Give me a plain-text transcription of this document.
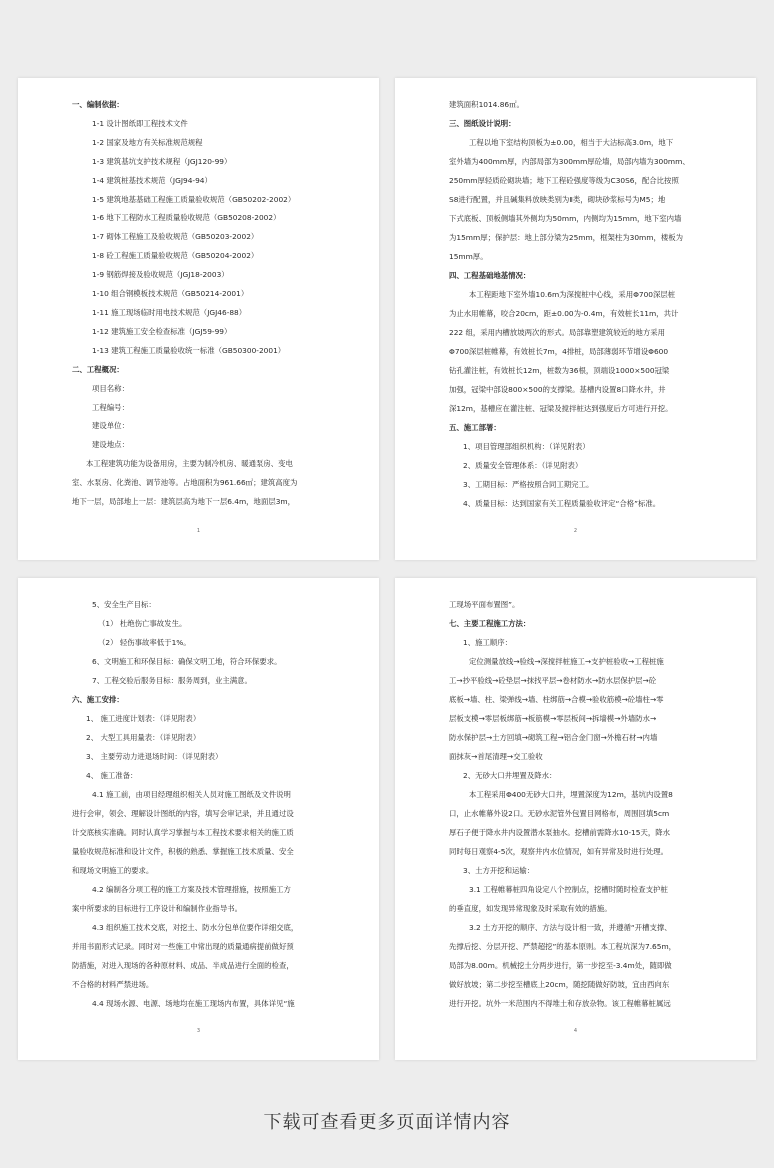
一、编制依据：
1-1 设计图纸即工程技术文件
1-2 国家及地方有关标准规范规程
1-3 建筑基坑支护技术规程（JGJ120-99）
1-4 建筑桩基技术规范（JGJ94-94）
1-5 建筑地基基础工程施工质量验收规范（GB50202-2002）
1-6 地下工程防水工程质量验收规范（GB50208-2002）
1-7 砌体工程施工及验收规范（GB50203-2002）
1-8 砼工程施工质量验收规范（GB50204-2002）
1-9 钢筋焊接及验收规范（JGJ18-2003）
1-10 组合钢模板技术规范（GB50214-2001）
1-11 施工现场临时用电技术规范（JGJ46-88）
1-12 建筑施工安全检查标准（JGJ59-99）
1-13 建筑工程施工质量验收统一标准（GB50300-2001）
二、工程概况：
项目名称：
工程编号：
建设单位：
建设地点：
本工程建筑功能为设备用房，主要为制冷机房、暖通泵房、变电
室、水泵房、化粪池、调节池等。占地面积为961.66㎡；建筑高度为
地下一层，局部地上一层：建筑层高为地下一层6.4m，地面层3m，
1
建筑面积1014.86㎡。
三、图纸设计说明：
工程以地下室结构顶板为±0.00，相当于大沽标高3.0m，地下
室外墙为400mm厚，内部局部为300mm厚砼墙，局部内墙为300mm、
250mm厚轻质砼砌块墙；地下工程砼强度等级为C30S6，配合比按照
S8进行配置，并且碱集料放映类别为Ⅱ类，砌块砂浆标号为M5；地
下式底板、顶板侧墙其外侧均为50mm，内侧均为15mm，地下室内墙
为15mm厚；保护层：地上部分梁为25mm，框架柱为30mm，楼板为
15mm厚。
四、工程基础地基情况：
本工程距地下室外墙10.6m为深搅桩中心线，采用Φ700深层桩
为止水用帷幕，咬合20cm，距±0.00为-0.4m，有效桩长11m，共计
222 组，采用内槽放坡两次的形式。局部靠塑建筑较近的地方采用
Φ700深层桩帷幕，有效桩长7m，4排桩，局部薄弱环节增设Φ600
钻孔灌注桩，有效桩长12m，桩数为36根，顶端设1000×500冠梁
加强，冠梁中部设800×500的支撑梁。基槽内设置8口降水井，井
深12m，基槽应在灌注桩、冠梁及搅拌桩达到强度后方可进行开挖。
五、施工部署：
1、项目管理部组织机构：（详见附表）
2、质量安全管理体系：（详见附表）
3、工期目标：严格按照合同工期完工。
4、质量目标：达到国家有关工程质量验收评定“合格”标准。
2
5、安全生产目标：
（1） 杜绝伤亡事故发生。
（2） 轻伤事故率低于1%。
6、文明施工和环保目标：确保文明工地，符合环保要求。
7、工程交验后服务目标：服务周到，业主满意。
六、施工安排：
1、 施工进度计划表：（详见附表）
2、 大型工具用量表：（详见附表）
3、 主要劳动力进退场时间：（详见附表）
4、 施工准备：
4.1 施工前，由项目经理组织相关人员对施工图纸及文件说明
进行会审，领会、理解设计图纸的内容，填写会审记录，并且通过设
计交底核实准确。同时认真学习掌握与本工程技术要求相关的施工质
量验收规范标准和设计文件，积极的熟悉、掌握施工技术质量、安全
和现场文明施工的要求。
4.2 编制各分项工程的施工方案及技术管理措施，按照施工方
案中所要求的目标进行工序设计和编制作业指导书。
4.3 组织施工技术交底，对挖土、防水分包单位要作详细交底，
并用书面形式记录。同时对一些施工中常出现的质量通病提前做好预
防措施，对进入现场的各种原材料、成品、半成品进行全面的检查，
不合格的材料严禁进场。
4.4 现场水源、电源、场地均在施工现场内布置，具体详见“施
3
工现场平面布置图”。
七、主要工程施工方法：
1、施工顺序：
定位测量放线→验线→深搅拌桩施工→支护桩验收→工程桩施
工→抄平验线→砼垫层→抹找平层→卷材防水→防水层保护层→砼
底板→墙、柱、梁弹线→墙、柱绑筋→合模→验收筋模→砼墙柱→零
层板支模→零层板绑筋→板筋模→零层板间→拆墙模→外墙防水→
防水保护层→土方回填→砌筑工程→铝合金门窗→外檐石材→内墙
面抹灰→首尾清理→交工验收
2、无砂大口井埋置及降水：
本工程采用Φ400无砂大口井，埋置深度为12m，基坑内设置8
口，止水帷幕外设2口。无砂水泥管外包置目网格布，周围回填5cm
厚石子便于降水井内设置潜水泵抽水。挖槽前需降水10-15天，降水
同时每日观察4-5次，观察井内水位情况，如有异常及时进行处理。
3、土方开挖和运输：
3.1 工程帷幕桩四角设定八个控制点，挖槽时随时检查支护桩
的垂直度，如发现异常现象及时采取有效的措施。
3.2 土方开挖的顺序、方法与设计相一致，并遵循“开槽支撑、
先撑后挖、分层开挖、严禁超挖”的基本原则。本工程坑深为7.65m，
局部为8.00m。机械挖土分两步进行，第一步挖至-3.4m处，随即做
做好放坡；第二步挖至槽底上20cm，随挖随做好防坡，宜由西向东
进行开挖。坑外一米范围内不得堆土和存放杂物。该工程帷幕桩属远
4
下载可查看更多页面详情内容
